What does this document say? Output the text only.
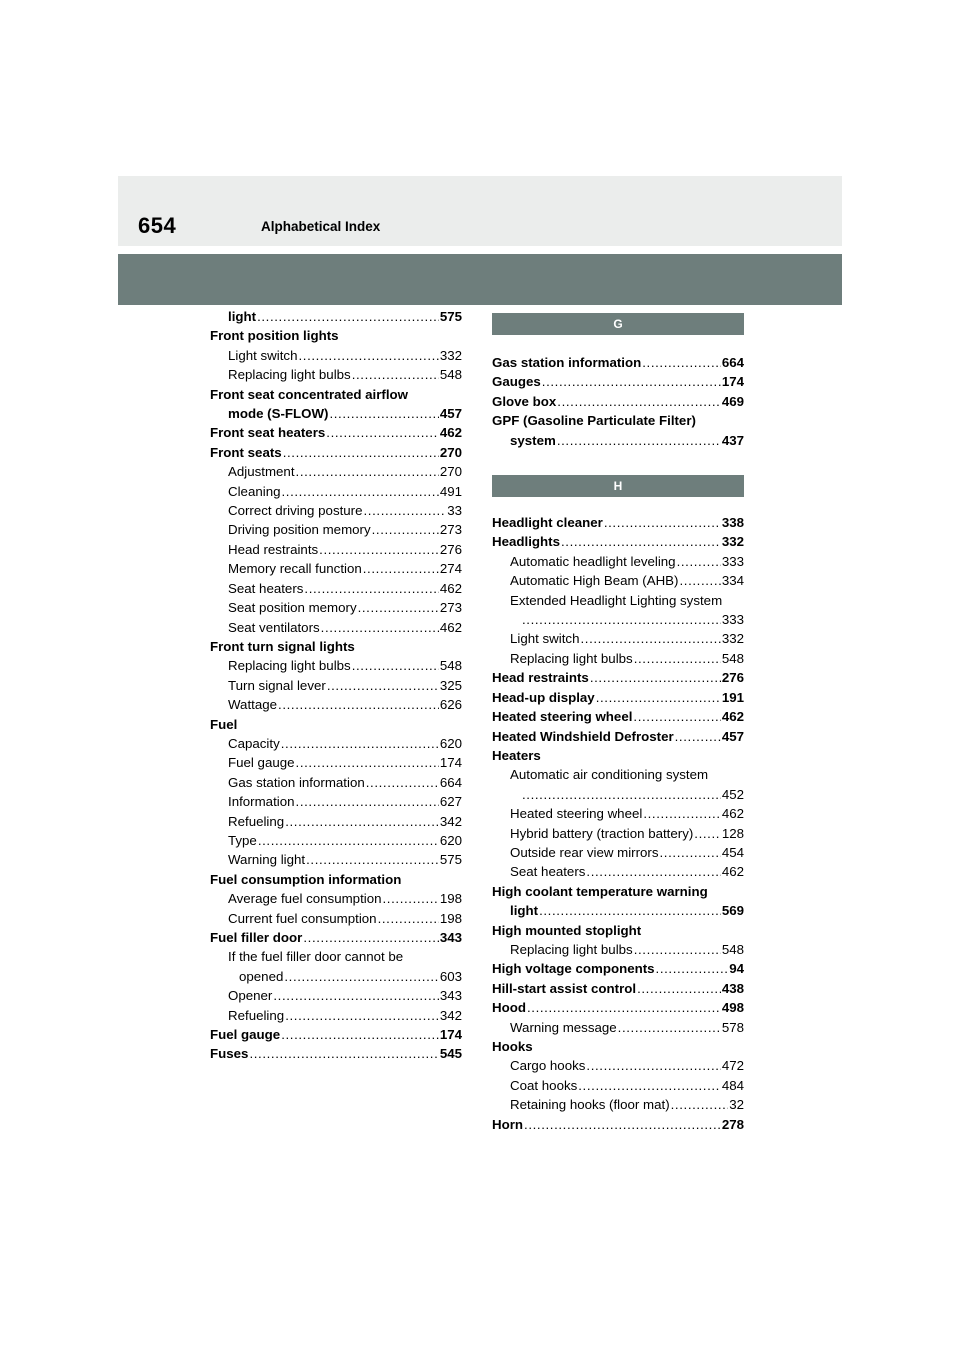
654	Alphabetical Index
light .....	575
Front position lights
Light switch .....	332
Replacing light bulbs .....	548
Front seat concentrated airflow
mode (S-FLOW) .....	457
Front seat heaters .....	462
Front seats .....	270
Adjustment .....	270
Cleaning .....	491
Correct driving posture .....	33
Driving position memory .....	273
Head restraints .....	276
Memory recall function .....	274
Seat heaters .....	462
Seat position memory .....	273
Seat ventilators .....	462
Front turn signal lights
Replacing light bulbs .....	548
Turn signal lever .....	325
Wattage .....	626
Fuel
Capacity .....	620
Fuel gauge .....	174
Gas station information .....	664
Information .....	627
Refueling .....	342
Type .....	620
Warning light .....	575
Fuel consumption information
Average fuel consumption .....	198
Current fuel consumption .....	198
Fuel filler door .....	343
If the fuel filler door cannot be
opened .....	603
Opener .....	343
Refueling .....	342
Fuel gauge .....	174
Fuses .....	545
G
Gas station information .....	664
Gauges .....	174
Glove box .....	469
GPF (Gasoline Particulate Filter)
system .....	437
H
Headlight cleaner .....	338
Headlights .....	332
Automatic headlight leveling .....	333
Automatic High Beam (AHB) .....	334
Extended Headlight Lighting system
.....
333
Light switch .....	332
Replacing light bulbs .....	548
Head restraints .....	276
Head-up display .....	191
Heated steering wheel .....	462
Heated Windshield Defroster .....	457
Heaters
Automatic air conditioning system
.....
452
Heated steering wheel .....	462
Hybrid battery (traction battery) ..... 128
Outside rear view mirrors .....	454
Seat heaters .....	462
High coolant temperature warning
light .....	569
High mounted stoplight
Replacing light bulbs .....	548
High voltage components .....	94
Hill-start assist control .....	438
Hood .....	498
Warning message .....	578
Hooks
Cargo hooks .....	472
Coat hooks .....	484
Retaining hooks (floor mat) .....	32
Horn .....	278
